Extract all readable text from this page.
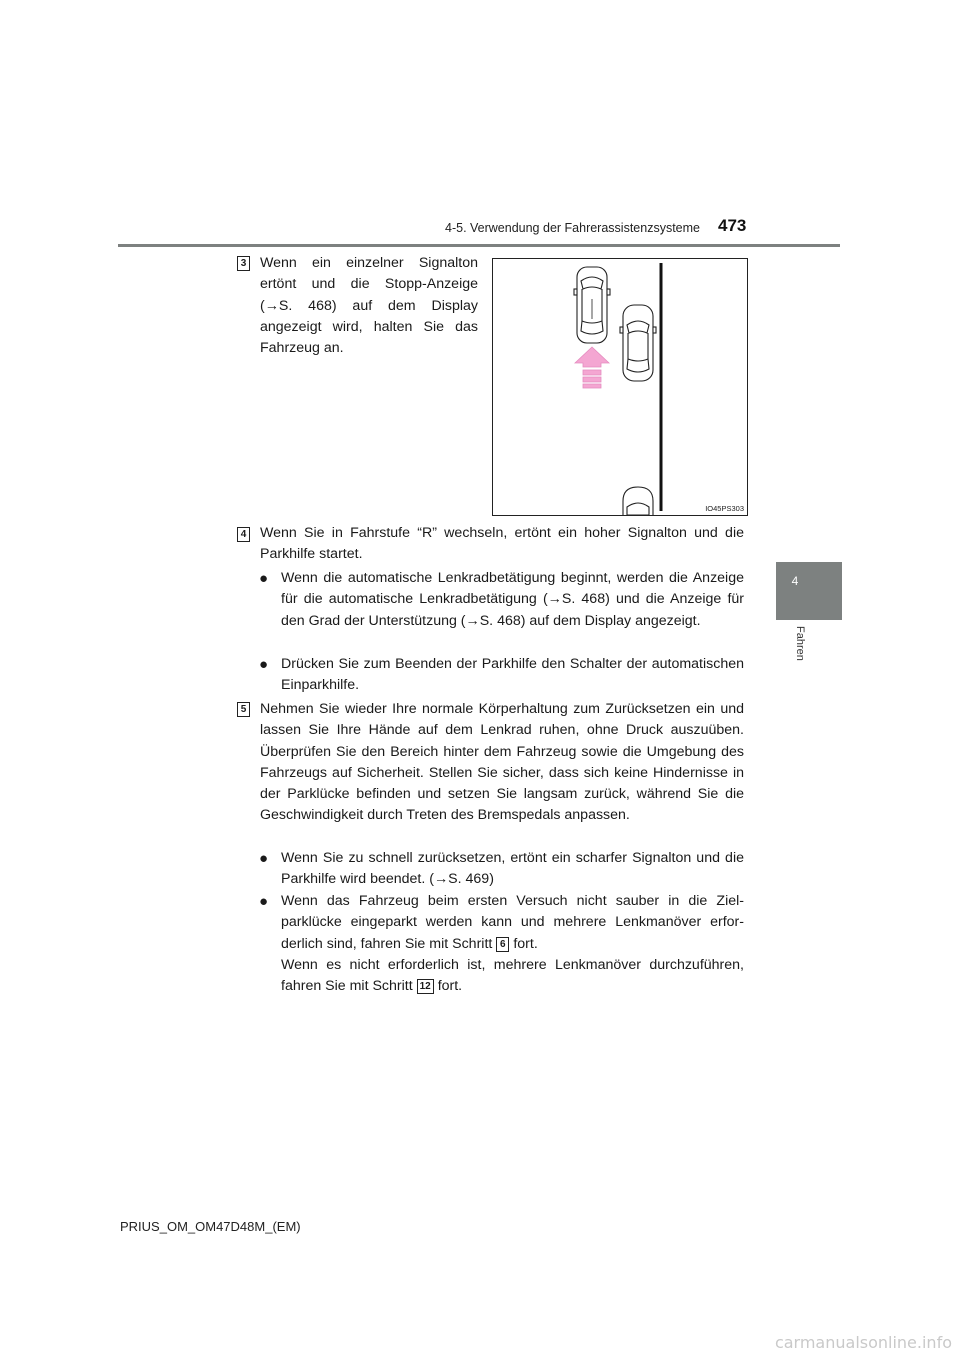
4-5. Verwendung der Fahrerassistenzsysteme 473
4
Fahren
3 Wenn ein einzelner Signalton ertönt und die Stopp-Anzeige (→S. 468) auf dem Display angezeigt wird, halten Sie das Fahrzeug an.

IO45PS303
4 Wenn Sie in Fahrstufe “R” wechseln, ertönt ein hoher Signalton und die Parkhilfe startet.

● Wenn die automatische Lenkradbetätigung beginnt, werden die Anzeige für die automatische Lenkradbetätigung (→S. 468) und die Anzeige für den Grad der Unterstützung (→S. 468) auf dem Display angezeigt.

● Drücken Sie zum Beenden der Parkhilfe den Schalter der automatischen Einparkhilfe.

5 Nehmen Sie wieder Ihre normale Körperhaltung zum Zurücksetzen ein und lassen Sie Ihre Hände auf dem Lenkrad ruhen, ohne Druck auszuüben. Überprüfen Sie den Bereich hinter dem Fahrzeug sowie die Umgebung des Fahrzeugs auf Sicherheit. Stellen Sie sicher, dass sich keine Hindernisse in der Parklücke befinden und setzen Sie langsam zurück, während Sie die Geschwindigkeit durch Treten des Bremspedals anpassen.

● Wenn Sie zu schnell zurücksetzen, ertönt ein scharfer Signalton und die Parkhilfe wird beendet. (→S. 469)

● Wenn das Fahrzeug beim ersten Versuch nicht sauber in die Zielparklücke eingeparkt werden kann und mehrere Lenkmanöver erforderlich sind, fahren Sie mit Schritt 6 fort.

Wenn es nicht erforderlich ist, mehrere Lenkmanöver durchzuführen, fahren Sie mit Schritt 12 fort.

PRIUS_OM_OM47D48M_(EM)
carmanualsonline.info
